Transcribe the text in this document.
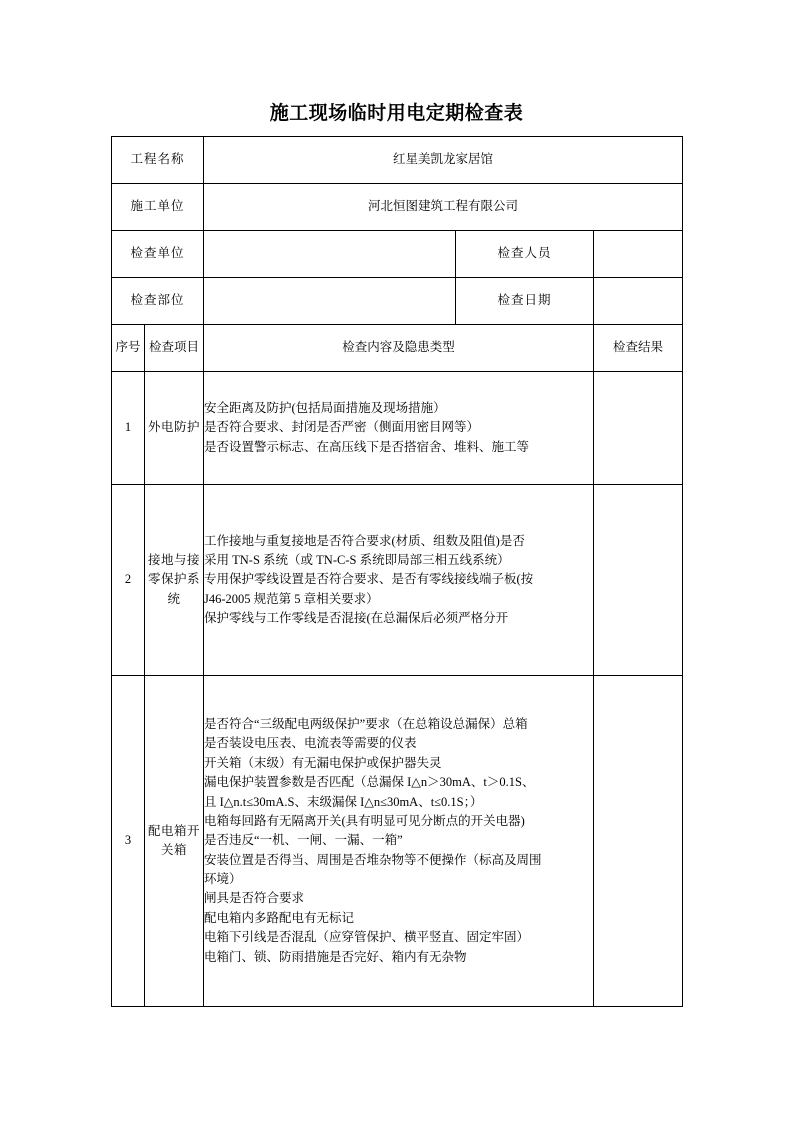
施工现场临时用电定期检查表
工程名称		红星美凯龙家居馆		
施工单位		河北恒图建筑工程有限公司		
检查单位			检查人员	
检查部位			检查日期	
序号	检查项目	检查内容及隐患类型		检查结果
1	外电防护	安全距离及防护(包括局面措施及现场措施）
是否符合要求、封闭是否严密（侧面用密目网等）
是否设置警示标志、在高压线下是否搭宿舍、堆料、施工等		

2	接地与接零保护系统	工作接地与重复接地是否符合要求(材质、组数及阻值)是否
采用 TN-S 系统（或 TN-C-S 系统即局部三相五线系统）
专用保护零线设置是否符合要求、是否有零线接线端子板(按
J46-2005 规范第 5 章相关要求）
保护零线与工作零线是否混接(在总漏保后必须严格分开		

3	配电箱开关箱	
是否符合“三级配电两级保护”要求（在总箱设总漏保）总箱
是否装设电压表、电流表等需要的仪表
开关箱（末级）有无漏电保护或保护器失灵
漏电保护装置参数是否匹配（总漏保 I△n＞30mA、t＞0.1S、
且 I△n.t≤30mA.S、末级漏保 I△n≤30mA、t≤0.1S；）
电箱每回路有无隔离开关(具有明显可见分断点的开关电器)
是否违反“一机、一闸、一漏、一箱”
安装位置是否得当、周围是否堆杂物等不便操作（标高及周围
环境）
闸具是否符合要求
配电箱内多路配电有无标记
电箱下引线是否混乱（应穿管保护、横平竖直、固定牢固）
电箱门、锁、防雨措施是否完好、箱内有无杂物
